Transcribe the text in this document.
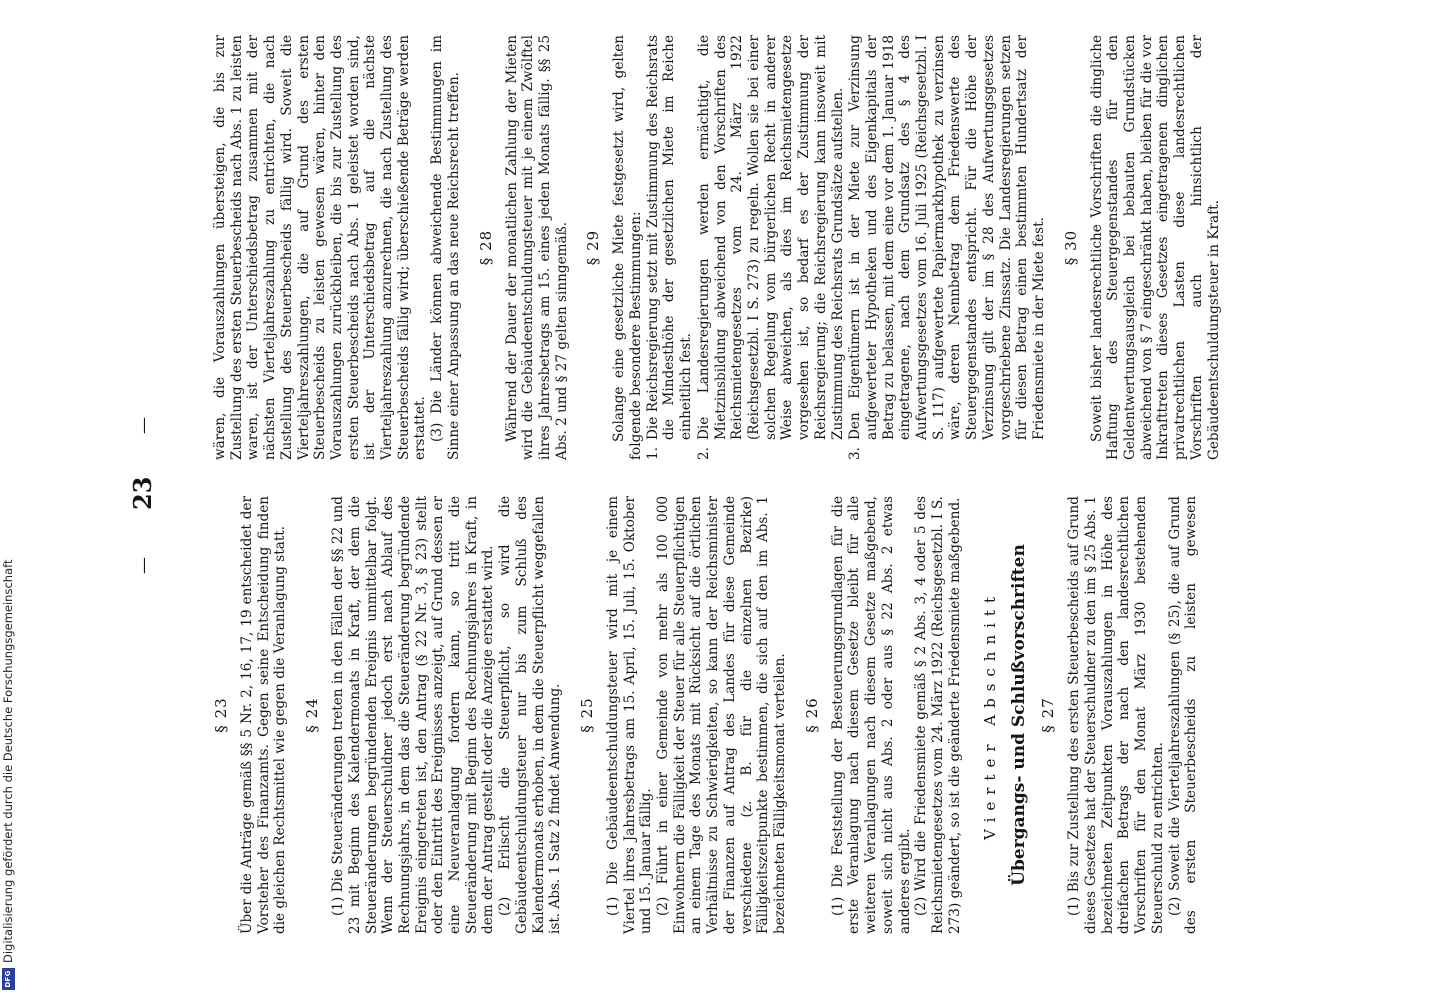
—
23
—
§ 23 Über die Anträge gemäß §§ 5 Nr. 2, 16, 17, 19 entscheidet der Vorsteher des Finanzamts. Gegen seine Entscheidung finden die gleichen Rechtsmittel wie gegen die Veranlagung statt. § 24 (1) Die Steueränderungen treten in den Fällen der §§ 22 und 23 mit Beginn des Kalendermonats in Kraft, der dem die Steueränderungen begründenden Ereignis unmittelbar folgt. Wenn der Steuerschuldner jedoch erst nach Ablauf des Rechnungsjahrs, in dem das die Steueränderung begründende Ereignis eingetreten ist, den Antrag (§ 22 Nr. 3, § 23) stellt oder den Eintritt des Ereignisses anzeigt, auf Grund dessen er eine Neuveranlagung fordern kann, so tritt die Steueränderung mit Beginn des Rechnungsjahres in Kraft, in dem der Antrag gestellt oder die Anzeige erstattet wird. (2) Erlischt die Steuerpflicht, so wird die Gebäudeentschuldungsteuer nur bis zum Schluß des Kalendermonats erhoben, in dem die Steuerpflicht weggefallen ist. Abs. 1 Satz 2 findet Anwendung. § 25 (1) Die Gebäudeentschuldungsteuer wird mit je einem Viertel ihres Jahresbetrags am 15. April, 15. Juli, 15. Oktober und 15. Januar fällig. (2) Führt in einer Gemeinde von mehr als 100 000 Einwohnern die Fälligkeit der Steuer für alle Steuerpflichtigen an einem Tage des Monats mit Rücksicht auf die örtlichen Verhältnisse zu Schwierigkeiten, so kann der Reichsminister der Finanzen auf Antrag des Landes für diese Gemeinde verschiedene (z. B. für die einzelnen Bezirke) Fälligkeitszeitpunkte bestimmen, die sich auf den im Abs. 1 bezeichneten Fälligkeitsmonat verteilen. § 26 (1) Die Feststellung der Besteuerungsgrundlagen für die erste Veranlagung nach diesem Gesetze bleibt für alle weiteren Veranlagungen nach diesem Gesetze maßgebend, soweit sich nicht aus Abs. 2 oder aus § 22 Abs. 2 etwas anderes ergibt. (2) Wird die Friedensmiete gemäß § 2 Abs. 3, 4 oder 5 des Reichsmietengesetzes vom 24. März 1922 (Reichsgesetzbl. I S. 273) geändert, so ist die geänderte Friedensmiete maßgebend. Vierter Abschnitt Übergangs- und Schlußvorschriften § 27 (1) Bis zur Zustellung des ersten Steuerbescheids auf Grund dieses Gesetzes hat der Steuerschuldner zu den im § 25 Abs. 1 bezeichneten Zeitpunkten Vorauszahlungen in Höhe des dreifachen Betrags der nach den landesrechtlichen Vorschriften für den Monat März 1930 bestehenden Steuerschuld zu entrichten. (2) Soweit die Vierteljahreszahlungen (§ 25), die auf Grund des ersten Steuerbescheids zu leisten gewesen

wären, die Vorauszahlungen übersteigen, die bis zur Zustellung des ersten Steuerbescheids nach Abs. 1 zu leisten waren, ist der Unterschiedsbetrag zusammen mit der nächsten Vierteljahreszahlung zu entrichten, die nach Zustellung des Steuerbescheids fällig wird. Soweit die Vierteljahreszahlungen, die auf Grund des ersten Steuerbescheids zu leisten gewesen wären, hinter den Vorauszahlungen zurückbleiben, die bis zur Zustellung des ersten Steuerbescheids nach Abs. 1 geleistet worden sind, ist der Unterschiedsbetrag auf die nächste Vierteljahreszahlung anzurechnen, die nach Zustellung des Steuerbescheids fällig wird; überschießende Beträge werden erstattet. (3) Die Länder können abweichende Bestimmungen im Sinne einer Anpassung an das neue Reichsrecht treffen. § 28 Während der Dauer der monatlichen Zahlung der Mieten wird die Gebäudeentschuldungsteuer mit je einem Zwölftel ihres Jahresbetrags am 15. eines jeden Monats fällig. §§ 25 Abs. 2 und § 27 gelten sinngemäß. § 29 Solange eine gesetzliche Miete festgesetzt wird, gelten folgende besondere Bestimmungen: 1.
Die Reichsregierung setzt mit Zustimmung des Reichsrats die Mindesthöhe der gesetzlichen Miete im Reiche einheitlich fest.
2.
Die Landesregierungen werden ermächtigt, die Mietzinsbildung abweichend von den Vorschriften des Reichsmietengesetzes vom 24. März 1922 (Reichsgesetzbl. I S. 273) zu regeln. Wollen sie bei einer solchen Regelung vom bürgerlichen Recht in anderer Weise abweichen, als dies im Reichsmietengesetze vorgesehen ist, so bedarf es der Zustimmung der Reichsregierung; die Reichsregierung kann insoweit mit Zustimmung des Reichsrats Grundsätze aufstellen.
3.
Den Eigentümern ist in der Miete zur Verzinsung aufgewerteter Hypotheken und des Eigenkapitals der Betrag zu belassen, mit dem eine vor dem 1. Januar 1918 eingetragene, nach dem Grundsatz des § 4 des Aufwertungsgesetzes vom 16. Juli 1925 (Reichsgesetzbl. I S. 117) aufgewertete Papiermarkhypothek zu verzinsen wäre, deren Nennbetrag dem Friedenswerte des Steuergegenstandes entspricht. Für die Höhe der Verzinsung gilt der im § 28 des Aufwertungsgesetzes vorgeschriebene Zinssatz. Die Landesregierungen setzen für diesen Betrag einen bestimmten Hundertsatz der Friedensmiete in der Miete fest. § 30 Soweit bisher landesrechtliche Vorschriften die dingliche Haftung des Steuergegenstandes für den Geldentwertungsausgleich bei bebauten Grundstücken abweichend von § 7 eingeschränkt haben, bleiben für die vor Inkrafttreten dieses Gesetzes eingetragenen dinglichen privatrechtlichen Lasten diese landesrechtlichen Vorschriften auch hinsichtlich der Gebäudeentschuldungsteuer in Kraft.

DFG
Digitalisierung gefördert durch die Deutsche Forschungsgemeinschaft
